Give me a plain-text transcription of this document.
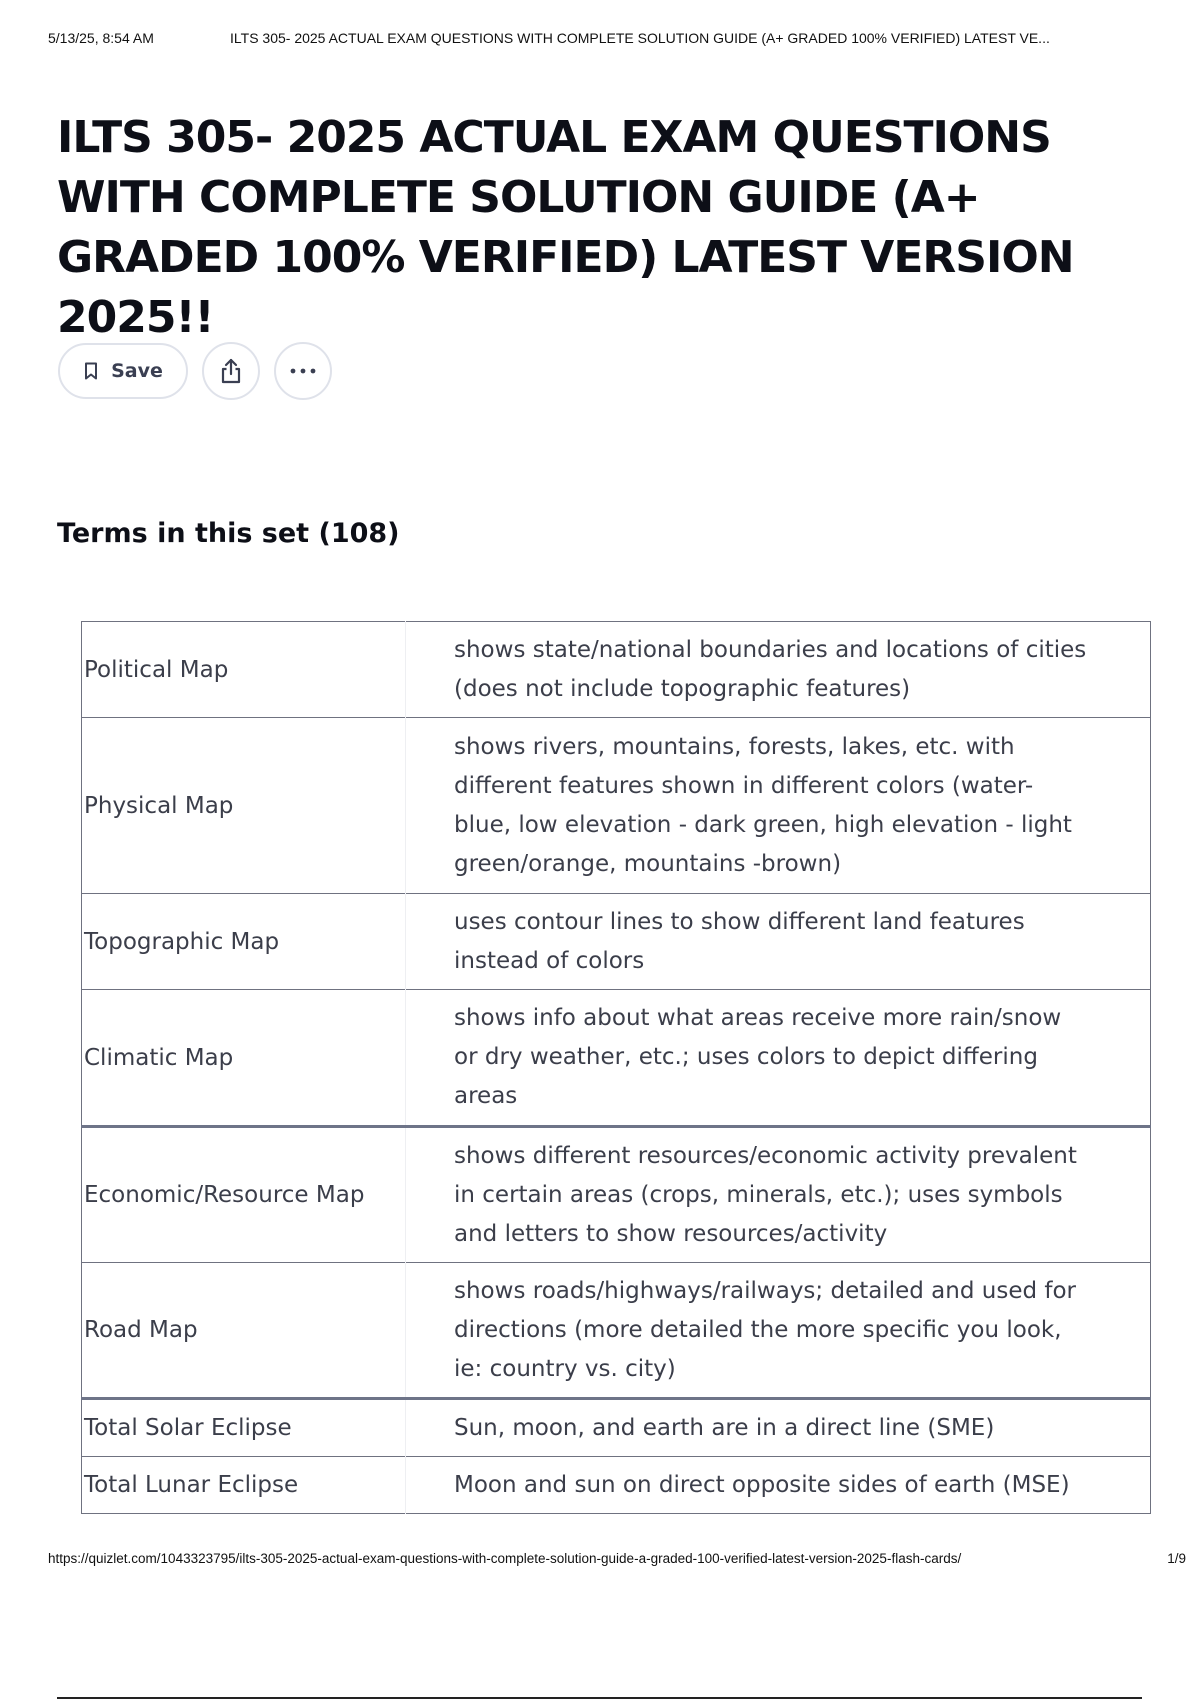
5/13/25, 8:54 AM	ILTS 305- 2025 ACTUAL EXAM QUESTIONS WITH COMPLETE SOLUTION GUIDE (A+ GRADED 100% VERIFIED) LATEST VE...
ILTS 305- 2025 ACTUAL EXAM QUESTIONS WITH COMPLETE SOLUTION GUIDE (A+ GRADED 100% VERIFIED) LATEST VERSION 2025!!
Save
Terms in this set (108)
Political Map	shows state/national boundaries and locations of cities (does not include topographic features)
Physical Map	shows rivers, mountains, forests, lakes, etc. with different features shown in different colors (water-blue, low elevation - dark green, high elevation - light green/orange, mountains -brown)
Topographic Map	uses contour lines to show different land features instead of colors
Climatic Map	shows info about what areas receive more rain/snow or dry weather, etc.; uses colors to depict differing areas
Economic/Resource Map	shows different resources/economic activity prevalent in certain areas (crops, minerals, etc.); uses symbols and letters to show resources/activity
Road Map	shows roads/highways/railways; detailed and used for directions (more detailed the more specific you look, ie: country vs. city)
Total Solar Eclipse	Sun, moon, and earth are in a direct line (SME)
Total Lunar Eclipse	Moon and sun on direct opposite sides of earth (MSE)
https://quizlet.com/1043323795/ilts-305-2025-actual-exam-questions-with-complete-solution-guide-a-graded-100-verified-latest-version-2025-flash-cards/	1/9
